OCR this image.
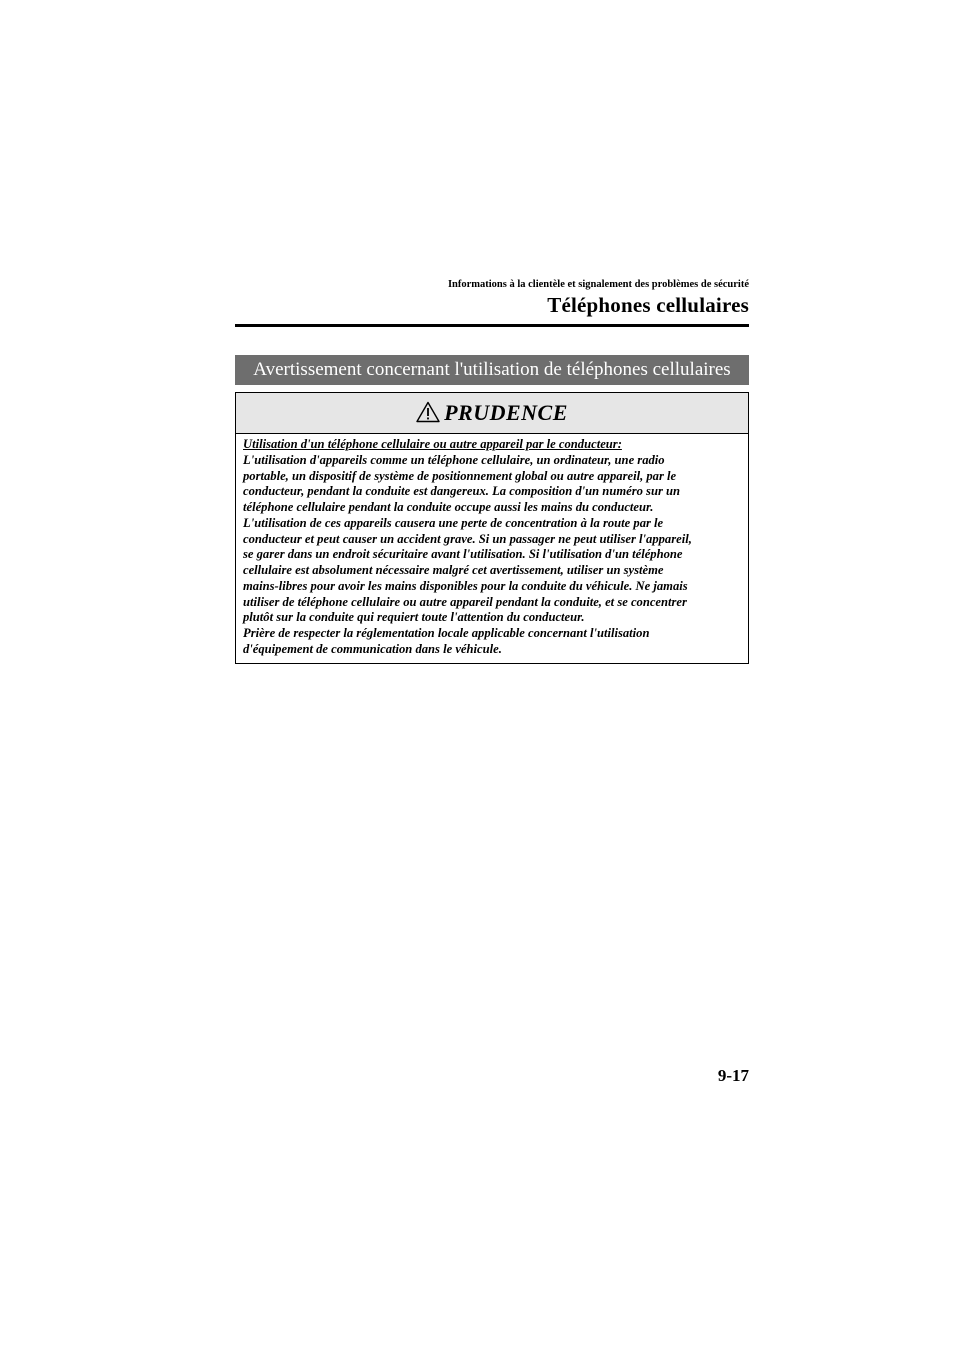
Informations à la clientèle et signalement des problèmes de sécurité
Téléphones cellulaires
Avertissement concernant l'utilisation de téléphones cellulaires
PRUDENCE
Utilisation d'un téléphone cellulaire ou autre appareil par le conducteur:
L'utilisation d'appareils comme un téléphone cellulaire, un ordinateur, une radio
portable, un dispositif de système de positionnement global ou autre appareil, par le
conducteur, pendant la conduite est dangereux. La composition d'un numéro sur un
téléphone cellulaire pendant la conduite occupe aussi les mains du conducteur.
L'utilisation de ces appareils causera une perte de concentration à la route par le
conducteur et peut causer un accident grave. Si un passager ne peut utiliser l'appareil,
se garer dans un endroit sécuritaire avant l'utilisation. Si l'utilisation d'un téléphone
cellulaire est absolument nécessaire malgré cet avertissement, utiliser un système
mains-libres pour avoir les mains disponibles pour la conduite du véhicule. Ne jamais
utiliser de téléphone cellulaire ou autre appareil pendant la conduite, et se concentrer
plutôt sur la conduite qui requiert toute l'attention du conducteur.
Prière de respecter la réglementation locale applicable concernant l'utilisation
d'équipement de communication dans le véhicule.
9-17
